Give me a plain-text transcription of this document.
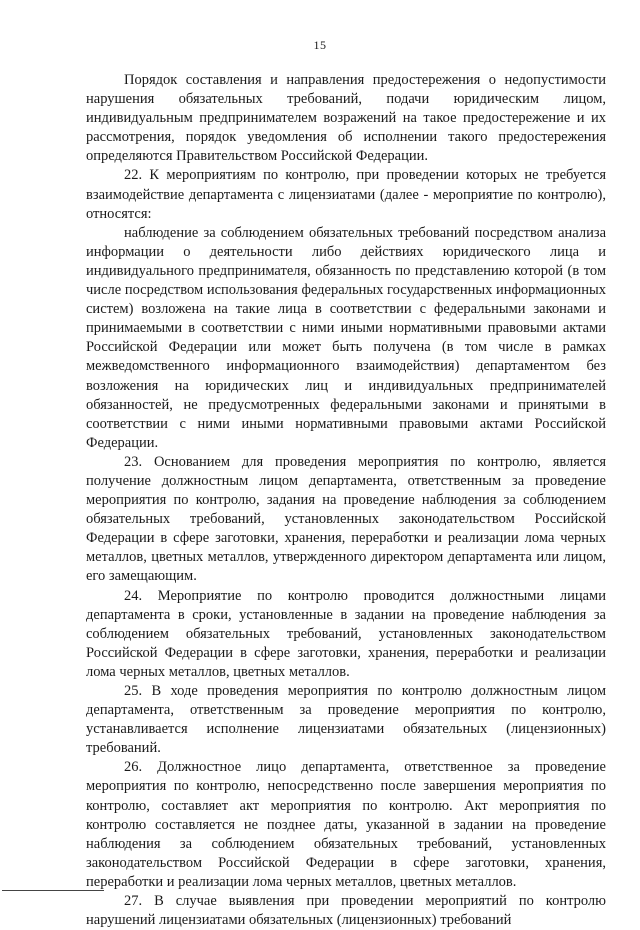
15

Порядок составления и направления предостережения о недопустимости нарушения обязательных требований, подачи юридическим лицом, индивидуальным предпринимателем возражений на такое предостережение и их рассмотрения, порядок уведомления об исполнении такого предостережения определяются Правительством Российской Федерации.

22. К мероприятиям по контролю, при проведении которых не требуется взаимодействие департамента с лицензиатами (далее - мероприятие по контролю), относятся:

наблюдение за соблюдением обязательных требований посредством анализа информации о деятельности либо действиях юридического лица и индивидуального предпринимателя, обязанность по представлению которой (в том числе посредством использования федеральных государственных информационных систем) возложена на такие лица в соответствии с федеральными законами и принимаемыми в соответствии с ними иными нормативными правовыми актами Российской Федерации или может быть получена (в том числе в рамках межведомственного информационного взаимодействия) департаментом без возложения на юридических лиц и индивидуальных предпринимателей обязанностей, не предусмотренных федеральными законами и принятыми в соответствии с ними иными нормативными правовыми актами Российской Федерации.

23. Основанием для проведения мероприятия по контролю, является получение должностным лицом департамента, ответственным за проведение мероприятия по контролю, задания на проведение наблюдения за соблюдением обязательных требований, установленных законодательством Российской Федерации в сфере заготовки, хранения, переработки и реализации лома черных металлов, цветных металлов, утвержденного директором департамента или лицом, его замещающим.

24. Мероприятие по контролю проводится должностными лицами департамента в сроки, установленные в задании на проведение наблюдения за соблюдением обязательных требований, установленных законодательством Российской Федерации в сфере заготовки, хранения, переработки и реализации лома черных металлов, цветных металлов.

25. В ходе проведения мероприятия по контролю должностным лицом департамента, ответственным за проведение мероприятия по контролю, устанавливается исполнение лицензиатами обязательных (лицензионных) требований.

26. Должностное лицо департамента, ответственное за проведение мероприятия по контролю, непосредственно после завершения мероприятия по контролю, составляет акт мероприятия по контролю. Акт мероприятия по контролю составляется не позднее даты, указанной в задании на проведение наблюдения за соблюдением обязательных требований, установленных законодательством Российской Федерации в сфере заготовки, хранения, переработки и реализации лома черных металлов, цветных металлов.

27. В случае выявления при проведении мероприятий по контролю нарушений лицензиатами обязательных (лицензионных) требований
